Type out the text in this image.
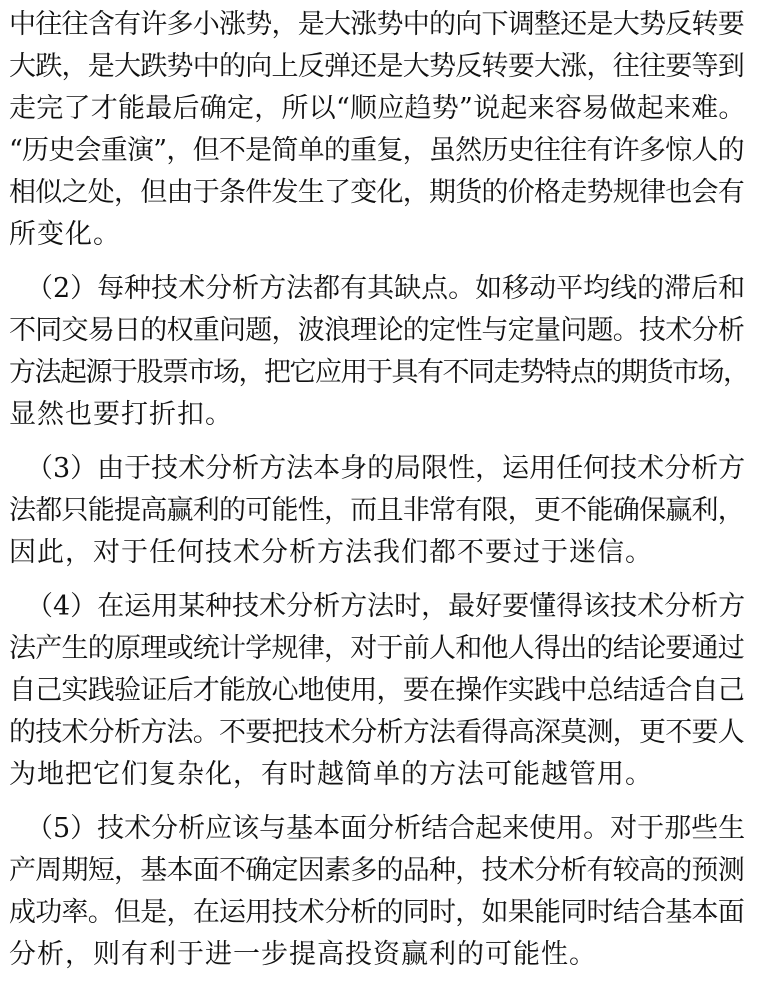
中往往含有许多小涨势，是大涨势中的向下调整还是大势反转要
大跌，是大跌势中的向上反弹还是大势反转要大涨，往往要等到
走完了才能最后确定，所以“顺应趋势”说起来容易做起来难。
“历史会重演”，但不是简单的重复，虽然历史往往有许多惊人的
相似之处，但由于条件发生了变化，期货的价格走势规律也会有
所变化。
（2）每种技术分析方法都有其缺点。如移动平均线的滞后和
不同交易日的权重问题，波浪理论的定性与定量问题。技术分析
方法起源于股票市场，把它应用于具有不同走势特点的期货市场，
显然也要打折扣。
（3）由于技术分析方法本身的局限性，运用任何技术分析方
法都只能提高赢利的可能性，而且非常有限，更不能确保赢利，
因此，对于任何技术分析方法我们都不要过于迷信。
（4）在运用某种技术分析方法时，最好要懂得该技术分析方
法产生的原理或统计学规律，对于前人和他人得出的结论要通过
自己实践验证后才能放心地使用，要在操作实践中总结适合自己
的技术分析方法。不要把技术分析方法看得高深莫测，更不要人
为地把它们复杂化，有时越简单的方法可能越管用。
（5）技术分析应该与基本面分析结合起来使用。对于那些生
产周期短，基本面不确定因素多的品种，技术分析有较高的预测
成功率。但是，在运用技术分析的同时，如果能同时结合基本面
分析，则有利于进一步提高投资赢利的可能性。
